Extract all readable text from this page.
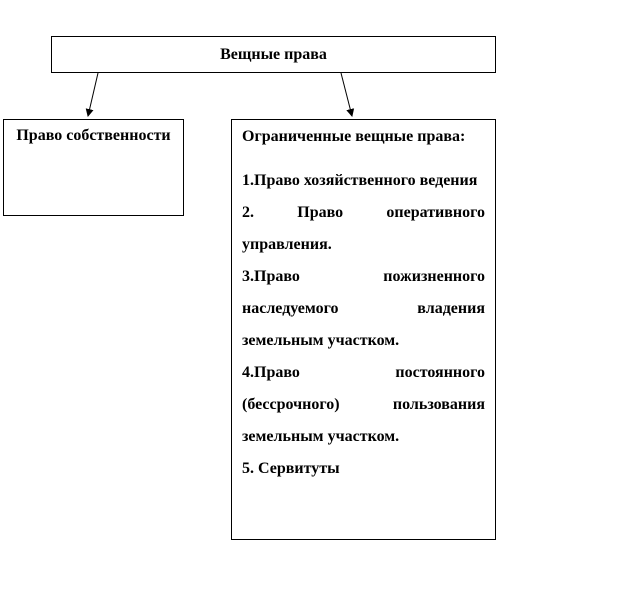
Вещные права
Право собственности	Ограниченные вещные права:
1.Право хозяйственного ведения
2. Право оперативного управления.
3.Право пожизненного наследуемого владения земельным участком.
4.Право постоянного (бессрочного) пользования земельным участком.
5. Сервитуты
